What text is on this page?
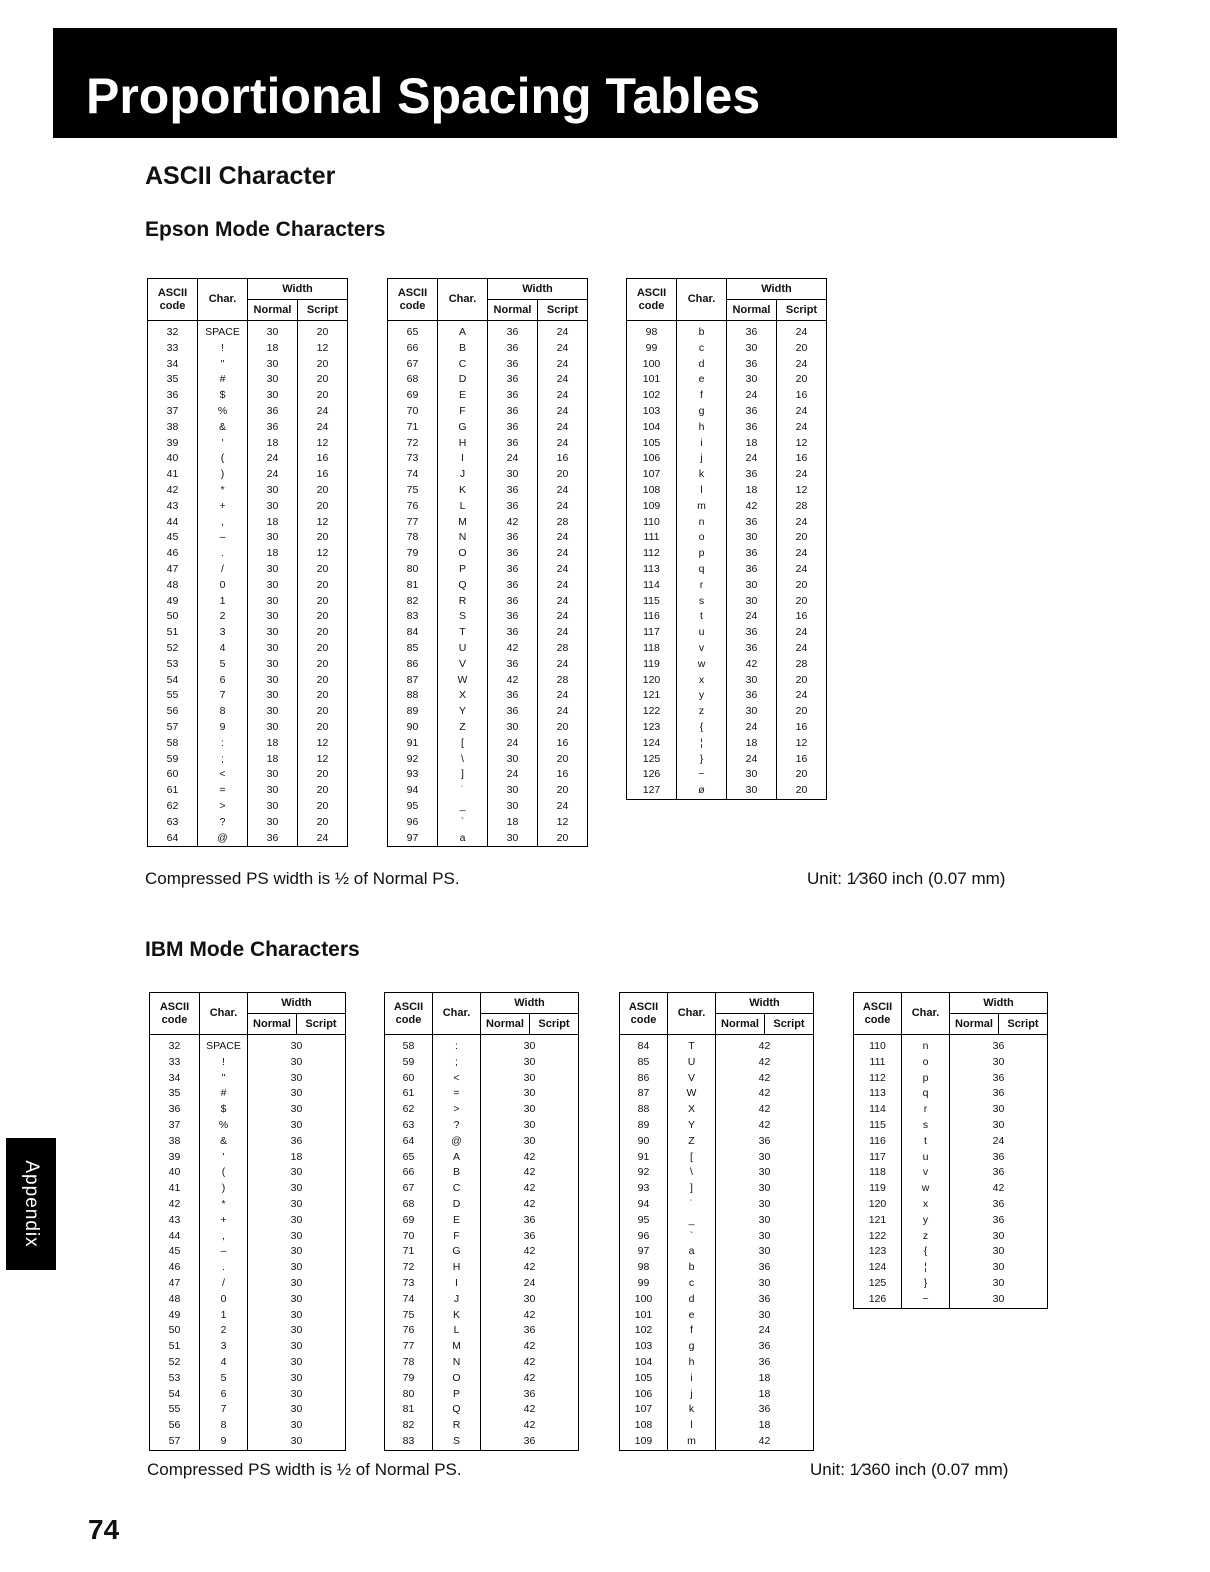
Proportional Spacing Tables
ASCII Character
Epson Mode Characters
ASCII code	Char.	Width	
		Normal	Script
32	SPACE	30	20
33	!	18	12
34	"	30	20
35	#	30	20
36	$	30	20
37	%	36	24
38	&	36	24
39	'	18	12
40	(	24	16
41	)	24	16
42	*	30	20
43	+	30	20
44	,	18	12
45	–	30	20
46	.	18	12
47	/	30	20
48	0	30	20
49	1	30	20
50	2	30	20
51	3	30	20
52	4	30	20
53	5	30	20
54	6	30	20
55	7	30	20
56	8	30	20
57	9	30	20
58	:	18	12
59	;	18	12
60	<	30	20
61	=	30	20
62	>	30	20
63	?	30	20
64	@	36	24
ASCII code	Char.	Width	
		Normal	Script
65	A	36	24
66	B	36	24
67	C	36	24
68	D	36	24
69	E	36	24
70	F	36	24
71	G	36	24
72	H	36	24
73	I	24	16
74	J	30	20
75	K	36	24
76	L	36	24
77	M	42	28
78	N	36	24
79	O	36	24
80	P	36	24
81	Q	36	24
82	R	36	24
83	S	36	24
84	T	36	24
85	U	42	28
86	V	36	24
87	W	42	28
88	X	36	24
89	Y	36	24
90	Z	30	20
91	[	24	16
92	\	30	20
93	]	24	16
94	˙	30	20
95	_	30	24
96	`	18	12
97	a	30	20
ASCII code	Char.	Width	
		Normal	Script
98	b	36	24
99	c	30	20
100	d	36	24
101	e	30	20
102	f	24	16
103	g	36	24
104	h	36	24
105	i	18	12
106	j	24	16
107	k	36	24
108	l	18	12
109	m	42	28
110	n	36	24
111	o	30	20
112	p	36	24
113	q	36	24
114	r	30	20
115	s	30	20
116	t	24	16
117	u	36	24
118	v	36	24
119	w	42	28
120	x	30	20
121	y	36	24
122	z	30	20
123	{	24	16
124	¦	18	12
125	}	24	16
126	~	30	20
127	ø	30	20
Compressed PS width is ½ of Normal PS.	Unit: 1⁄360 inch (0.07 mm)
IBM Mode Characters
ASCII code	Char.	Width	
		Normal	Script
32	SPACE	30	
33	!	30	
34	"	30	
35	#	30	
36	$	30	
37	%	30	
38	&	36	
39	'	18	
40	(	30	
41	)	30	
42	*	30	
43	+	30	
44	,	30	
45	–	30	
46	.	30	
47	/	30	
48	0	30	
49	1	30	
50	2	30	
51	3	30	
52	4	30	
53	5	30	
54	6	30	
55	7	30	
56	8	30	
57	9	30	
ASCII code	Char.	Width	
		Normal	Script
58	:	30	
59	;	30	
60	<	30	
61	=	30	
62	>	30	
63	?	30	
64	@	30	
65	A	42	
66	B	42	
67	C	42	
68	D	42	
69	E	36	
70	F	36	
71	G	42	
72	H	42	
73	I	24	
74	J	30	
75	K	42	
76	L	36	
77	M	42	
78	N	42	
79	O	42	
80	P	36	
81	Q	42	
82	R	42	
83	S	36	
ASCII code	Char.	Width	
		Normal	Script
84	T	42	
85	U	42	
86	V	42	
87	W	42	
88	X	42	
89	Y	42	
90	Z	36	
91	[	30	
92	\	30	
93	]	30	
94	˙	30	
95	_	30	
96	`	30	
97	a	30	
98	b	36	
99	c	30	
100	d	36	
101	e	30	
102	f	24	
103	g	36	
104	h	36	
105	i	18	
106	j	18	
107	k	36	
108	l	18	
109	m	42	
ASCII code	Char.	Width	
		Normal	Script
110	n	36	
111	o	30	
112	p	36	
113	q	36	
114	r	30	
115	s	30	
116	t	24	
117	u	36	
118	v	36	
119	w	42	
120	x	36	
121	y	36	
122	z	30	
123	{	30	
124	¦	30	
125	}	30	
126	~	30	
Compressed PS width is ½ of Normal PS.	Unit: 1⁄360 inch (0.07 mm)
Appendix
74
